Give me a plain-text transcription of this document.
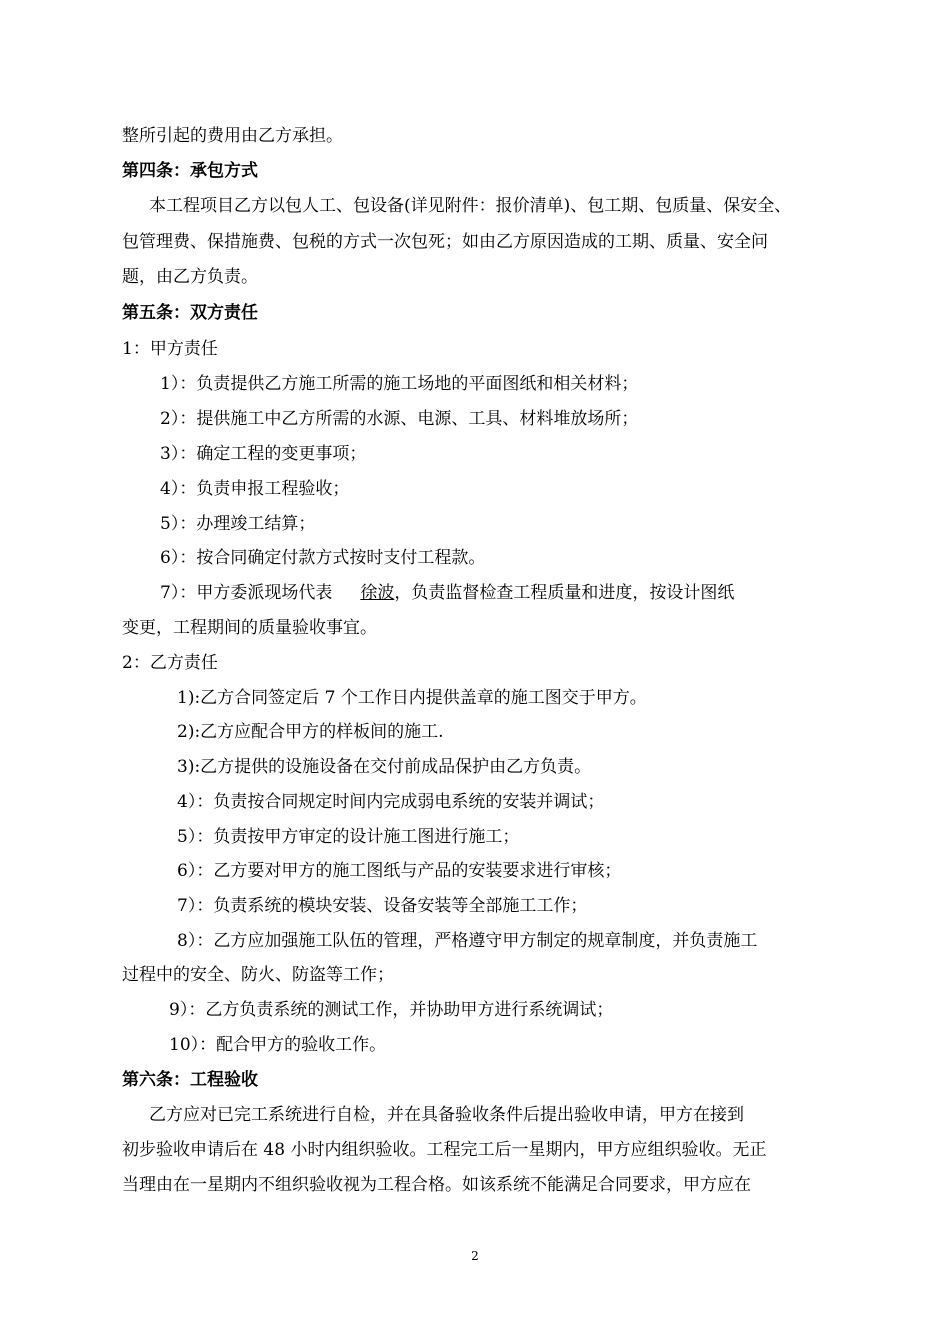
整所引起的费用由乙方承担。
第四条：承包方式
本工程项目乙方以包人工、包设备(详见附件：报价清单)、包工期、包质量、保安全、
包管理费、保措施费、包税的方式一次包死；如由乙方原因造成的工期、质量、安全问
题，由乙方负责。
第五条：双方责任
1：甲方责任
1）：负责提供乙方施工所需的施工场地的平面图纸和相关材料；
2）：提供施工中乙方所需的水源、电源、工具、材料堆放场所；
3）：确定工程的变更事项；
4）：负责申报工程验收；
5）：办理竣工结算；
6）：按合同确定付款方式按时支付工程款。
7）：甲方委派现场代表 徐波，负责监督检查工程质量和进度，按设计图纸
变更，工程期间的质量验收事宜。
2：乙方责任
1):乙方合同签定后 7 个工作日内提供盖章的施工图交于甲方。
2):乙方应配合甲方的样板间的施工.
3):乙方提供的设施设备在交付前成品保护由乙方负责。
4）：负责按合同规定时间内完成弱电系统的安装并调试；
5）：负责按甲方审定的设计施工图进行施工；
6）：乙方要对甲方的施工图纸与产品的安装要求进行审核；
7）：负责系统的模块安装、设备安装等全部施工工作；
8）：乙方应加强施工队伍的管理，严格遵守甲方制定的规章制度，并负责施工
过程中的安全、防火、防盗等工作；
9）：乙方负责系统的测试工作，并协助甲方进行系统调试；
10）：配合甲方的验收工作。
第六条：工程验收
乙方应对已完工系统进行自检，并在具备验收条件后提出验收申请，甲方在接到
初步验收申请后在 48 小时内组织验收。工程完工后一星期内，甲方应组织验收。无正
当理由在一星期内不组织验收视为工程合格。如该系统不能满足合同要求，甲方应在
2
